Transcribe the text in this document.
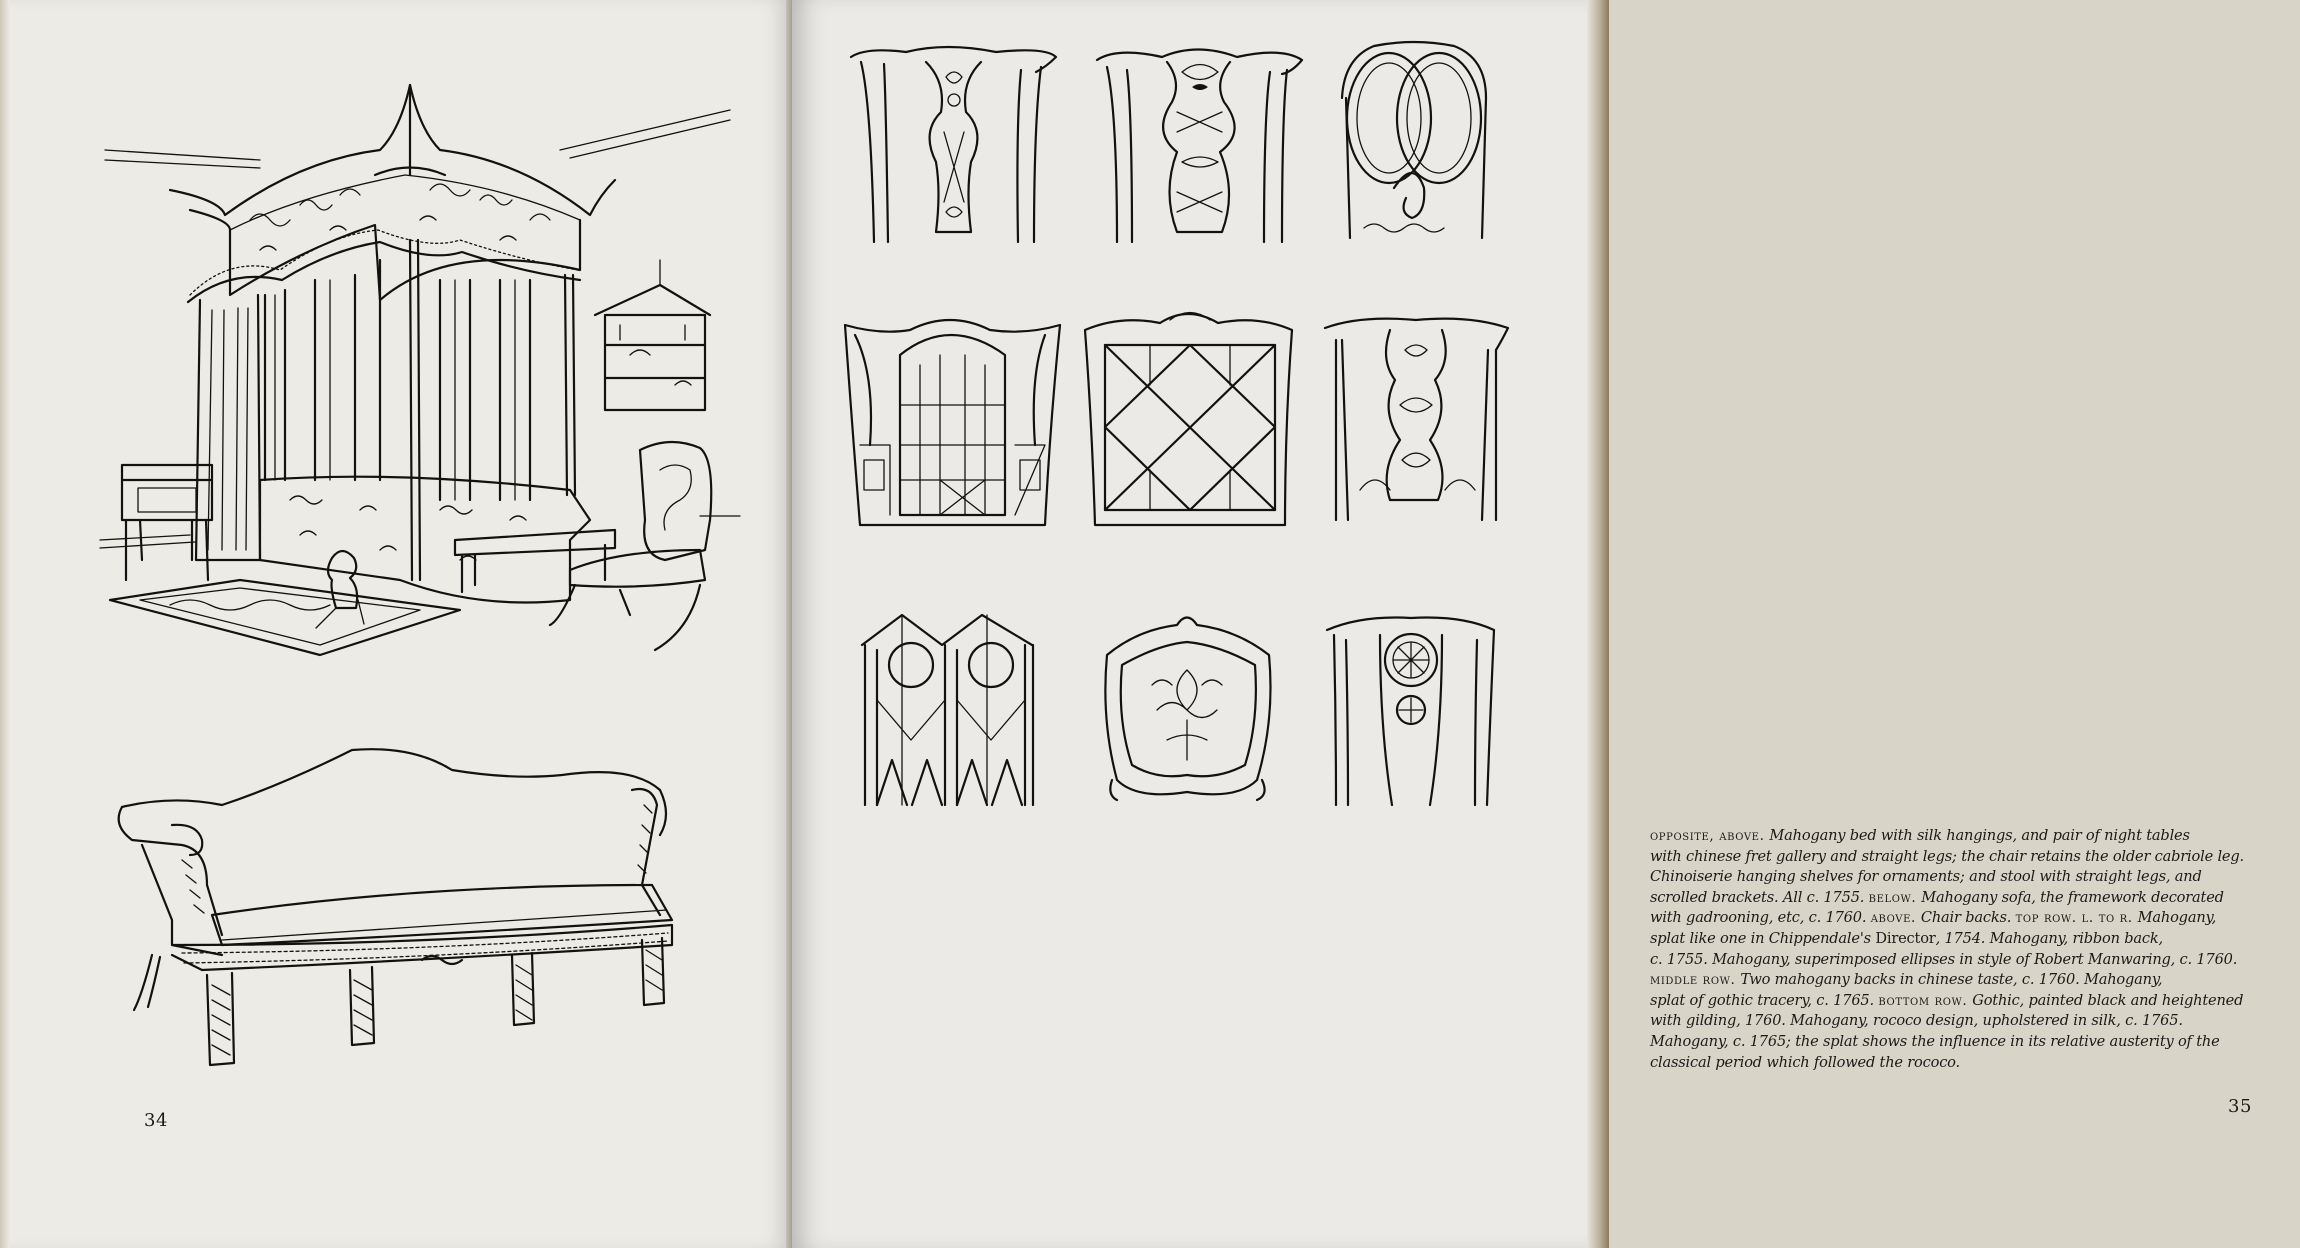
34
opposite, above. Mahogany bed with silk hangings, and pair of night tables
with chinese fret gallery and straight legs; the chair retains the older cabriole leg.
Chinoiserie hanging shelves for ornaments; and stool with straight legs, and
scrolled brackets. All c. 1755. below. Mahogany sofa, the framework decorated
with gadrooning, etc, c. 1760. above. Chair backs. top row. l. to r. Mahogany,
splat like one in Chippendale's Director, 1754. Mahogany, ribbon back,
c. 1755. Mahogany, superimposed ellipses in style of Robert Manwaring, c. 1760.
middle row. Two mahogany backs in chinese taste, c. 1760. Mahogany,
splat of gothic tracery, c. 1765. bottom row. Gothic, painted black and heightened
with gilding, 1760. Mahogany, rococo design, upholstered in silk, c. 1765.
Mahogany, c. 1765; the splat shows the influence in its relative austerity of the
classical period which followed the rococo.
35
